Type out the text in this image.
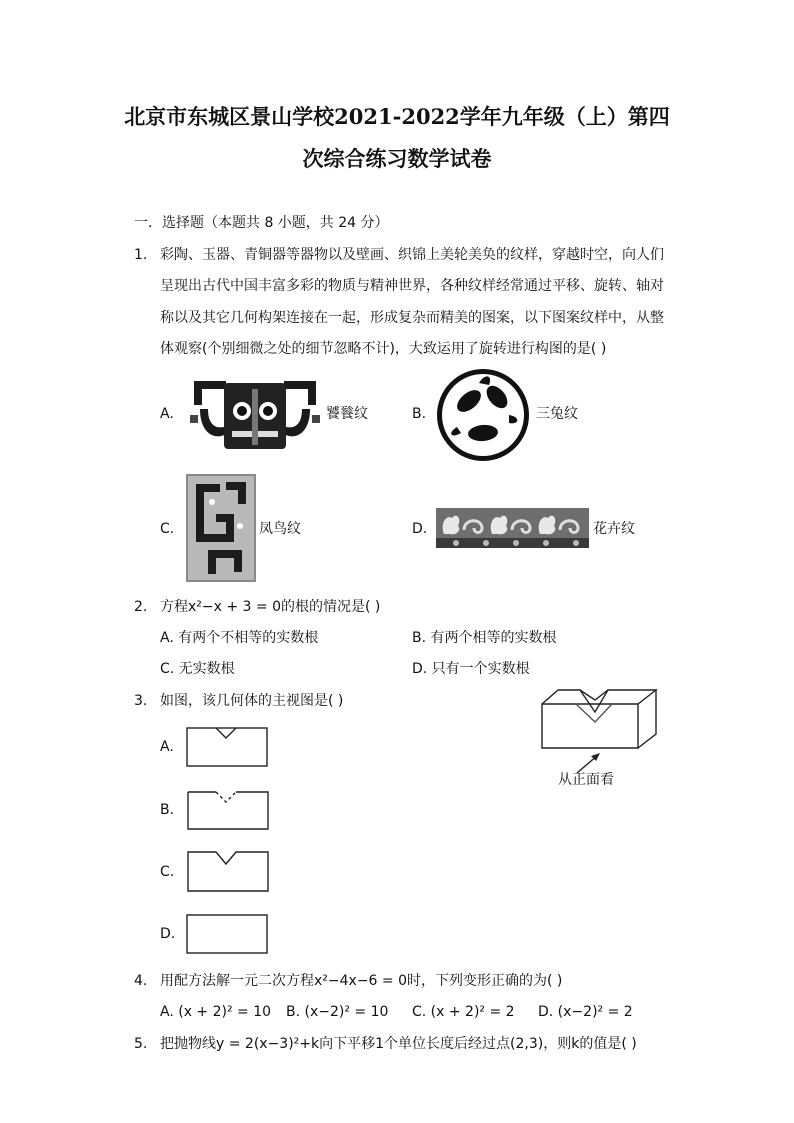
北京市东城区景山学校2021-2022学年九年级（上）第四
次综合练习数学试卷
一．选择题（本题共 8 小题，共 24 分）
1. 彩陶、玉器、青铜器等器物以及壁画、织锦上美轮美奂的纹样，穿越时空，向人们
呈现出古代中国丰富多彩的物质与精神世界，各种纹样经常通过平移、旋转、轴对
称以及其它几何构架连接在一起，形成复杂而精美的图案，以下图案纹样中，从整
体观察(个别细微之处的细节忽略不计)，大致运用了旋转进行构图的是( )
A.	饕餮纹	B.	三兔纹
C.	凤鸟纹	D.	花卉纹
2. 方程x²−x + 3 = 0的根的情况是( )
A. 有两个不相等的实数根	B. 有两个相等的实数根
C. 无实数根	D. 只有一个实数根
3. 如图，该几何体的主视图是( )
从正面看
A.
B.
C.
D.
4. 用配方法解一元二次方程x²−4x−6 = 0时，下列变形正确的为( )
A. (x + 2)² = 10 B. (x−2)² = 10 C. (x + 2)² = 2 D. (x−2)² = 2
5. 把抛物线y = 2(x−3)²+k向下平移1个单位长度后经过点(2,3)，则k的值是( )
